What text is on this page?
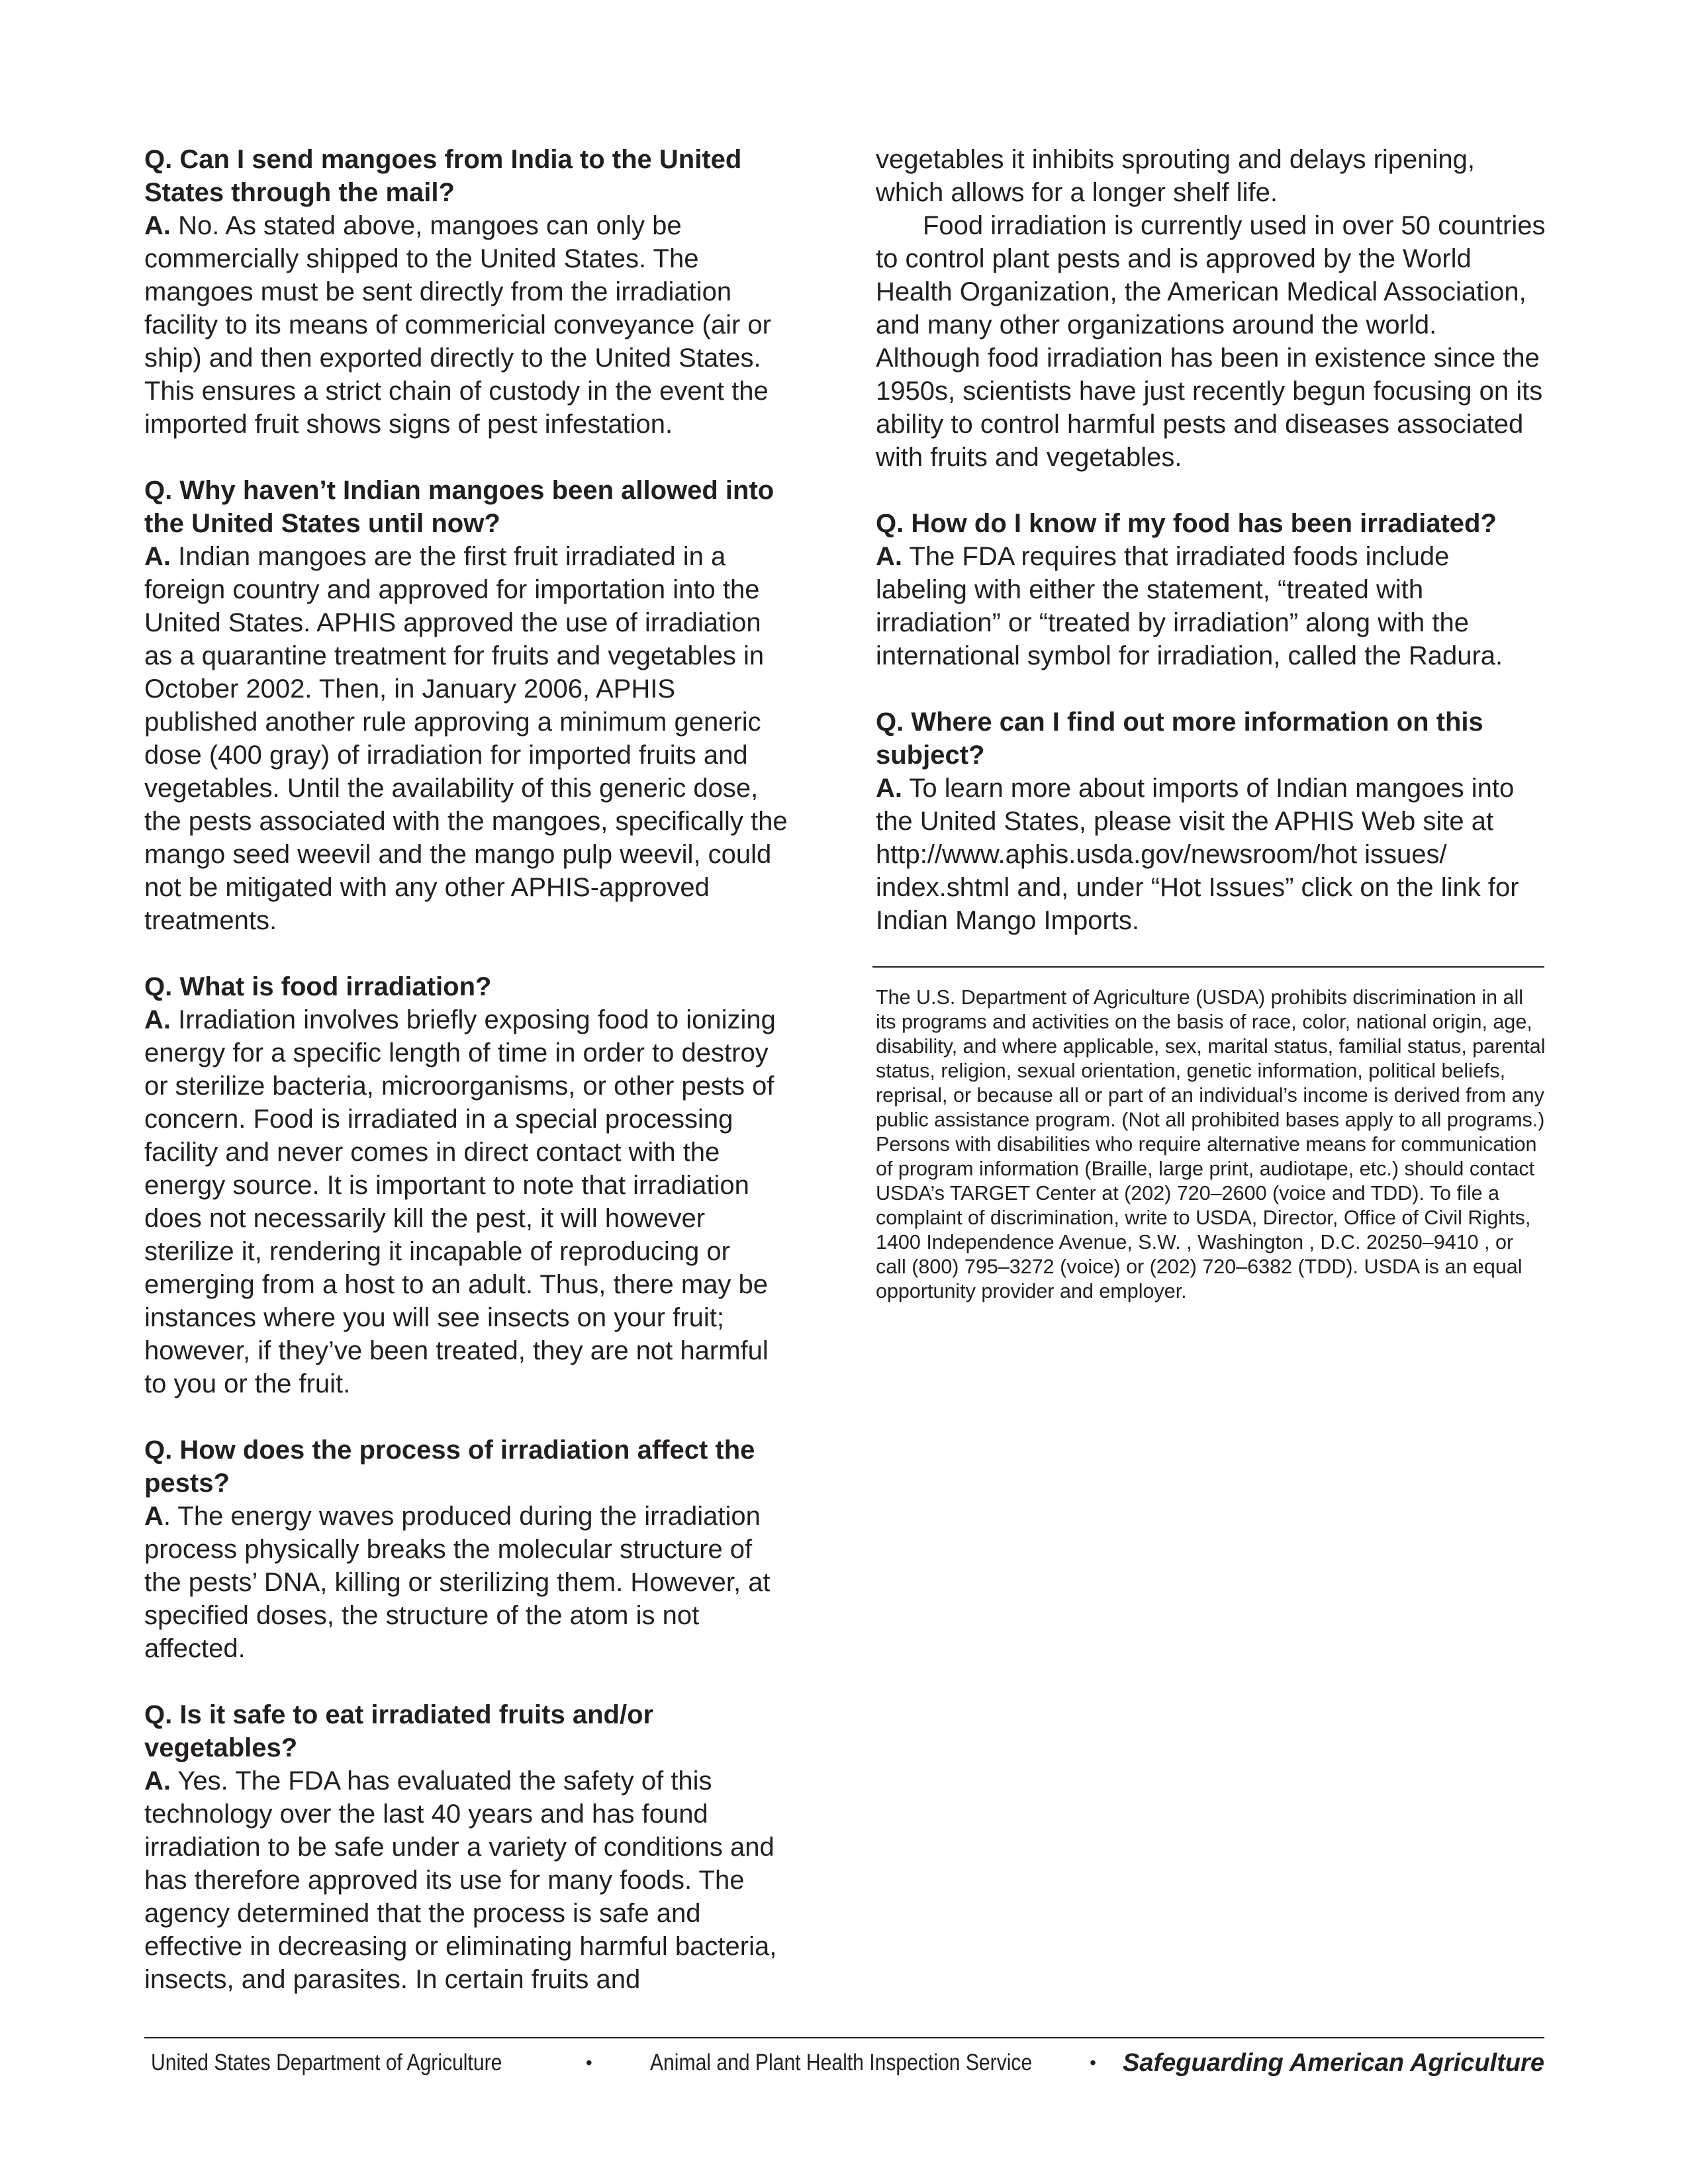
Q. Can I send mangoes from India to the United States through the mail?

A. No. As stated above, mangoes can only be commercially shipped to the United States. The mangoes must be sent directly from the irradiation facility to its means of commericial conveyance (air or ship) and then exported directly to the United States. This ensures a strict chain of custody in the event the imported fruit shows signs of pest infestation.

Q. Why haven’t Indian mangoes been allowed into the United States until now?

A. Indian mangoes are the first fruit irradiated in a foreign country and approved for importation into the United States. APHIS approved the use of irradiation as a quarantine treatment for fruits and vegetables in October 2002. Then, in January 2006, APHIS published another rule approving a minimum generic dose (400 gray) of irradiation for imported fruits and vegetables. Until the availability of this generic dose, the pests associated with the mangoes, specifically the mango seed weevil and the mango pulp weevil, could not be mitigated with any other APHIS-approved treatments.

Q. What is food irradiation?

A. Irradiation involves briefly exposing food to ionizing energy for a specific length of time in order to destroy or sterilize bacteria, microorganisms, or other pests of concern. Food is irradiated in a special processing facility and never comes in direct contact with the energy source. It is important to note that irradiation does not necessarily kill the pest, it will however sterilize it, rendering it incapable of reproducing or emerging from a host to an adult. Thus, there may be instances where you will see insects on your fruit; however, if they’ve been treated, they are not harmful to you or the fruit.

Q. How does the process of irradiation affect the pests?

A. The energy waves produced during the irradiation process physically breaks the molecular structure of the pests’ DNA, killing or sterilizing them. However, at specified doses, the structure of the atom is not affected.

Q. Is it safe to eat irradiated fruits and/or vegetables?

A. Yes. The FDA has evaluated the safety of this technology over the last 40 years and has found irradiation to be safe under a variety of conditions and has therefore approved its use for many foods. The agency determined that the process is safe and effective in decreasing or eliminating harmful bacteria, insects, and parasites. In certain fruits and

vegetables it inhibits sprouting and delays ripening, which allows for a longer shelf life.

Food irradiation is currently used in over 50 countries to control plant pests and is approved by the World Health Organization, the American Medical Association, and many other organizations around the world. Although food irradiation has been in existence since the 1950s, scientists have just recently begun focusing on its ability to control harmful pests and diseases associated with fruits and vegetables.

Q. How do I know if my food has been irradiated?

A. The FDA requires that irradiated foods include labeling with either the statement, “treated with irradiation” or “treated by irradiation” along with the international symbol for irradiation, called the Radura.

Q. Where can I find out more information on this subject?

A. To learn more about imports of Indian mangoes into the United States, please visit the APHIS Web site at http://www.aphis.usda.gov/newsroom/hot issues/ index.shtml and, under “Hot Issues” click on the link for Indian Mango Imports.

The U.S. Department of Agriculture (USDA) prohibits discrimination in all its programs and activities on the basis of race, color, national origin, age, disability, and where applicable, sex, marital status, familial status, parental status, religion, sexual orientation, genetic information, political beliefs, reprisal, or because all or part of an individual’s income is derived from any public assistance program. (Not all prohibited bases apply to all programs.) Persons with disabilities who require alternative means for communication of program information (Braille, large print, audiotape, etc.) should contact USDA’s TARGET Center at (202) 720–2600 (voice and TDD). To file a complaint of discrimination, write to USDA, Director, Office of Civil Rights, 1400 Independence Avenue, S.W. , Washington , D.C. 20250–9410 , or call (800) 795–3272 (voice) or (202) 720–6382 (TDD). USDA is an equal opportunity provider and employer.

United States Department of Agriculture	• Animal and Plant Health Inspection Service	• Safeguarding American Agriculture
